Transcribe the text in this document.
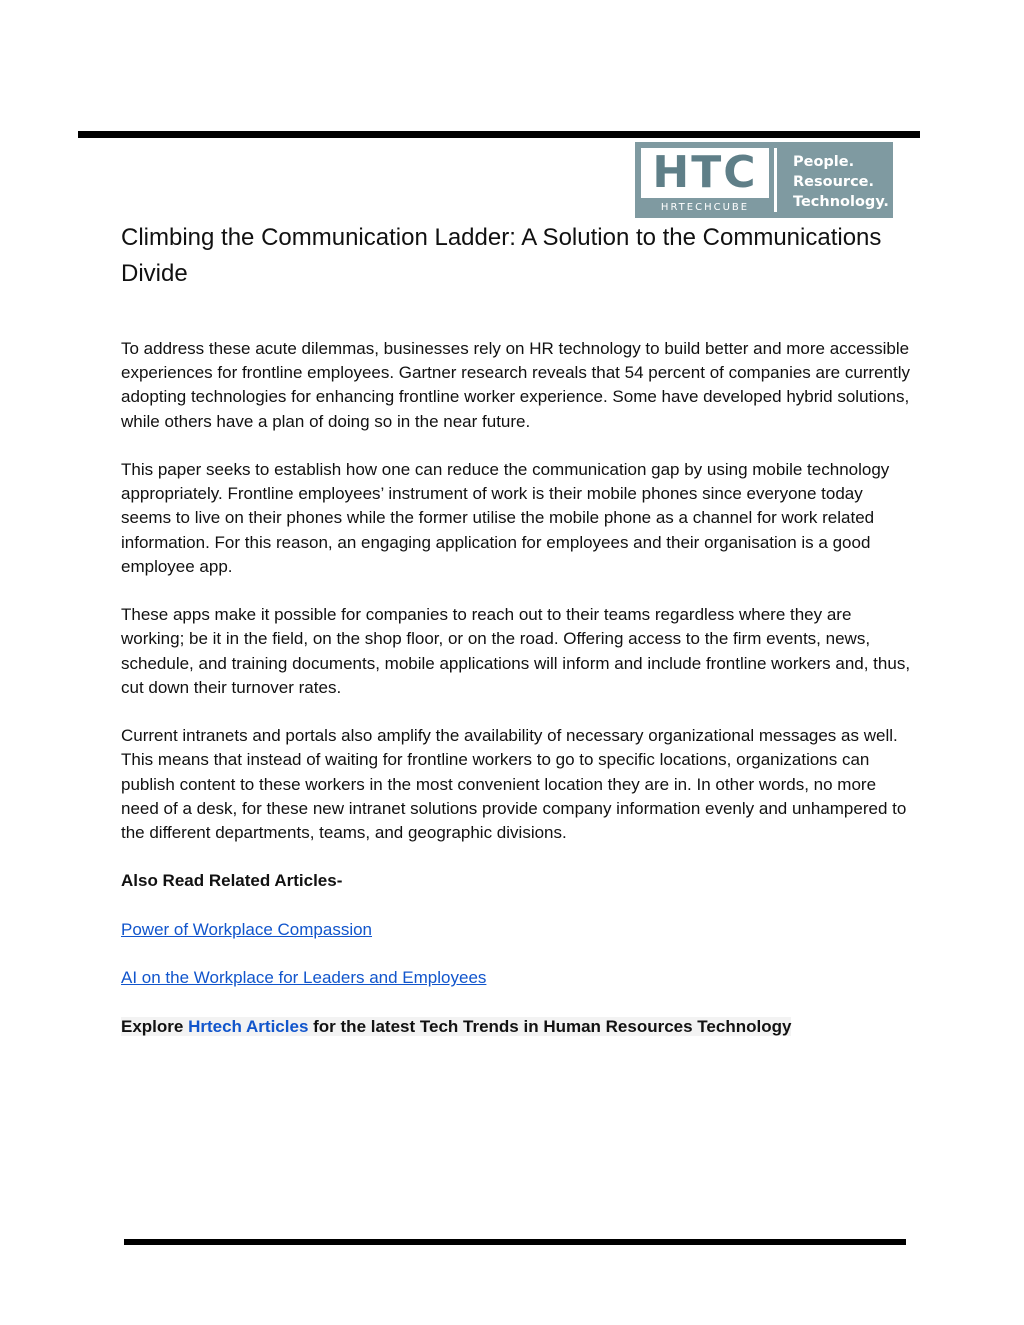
HTC
HRTECHCUBE
People.
Resource.
Technology.
Climbing the Communication Ladder: A Solution to the Communications Divide

To address these acute dilemmas, businesses rely on HR technology to build better and more accessible experiences for frontline employees. Gartner research reveals that 54 percent of companies are currently adopting technologies for enhancing frontline worker experience. Some have developed hybrid solutions, while others have a plan of doing so in the near future.

This paper seeks to establish how one can reduce the communication gap by using mobile technology appropriately. Frontline employees’ instrument of work is their mobile phones since everyone today seems to live on their phones while the former utilise the mobile phone as a channel for work related information. For this reason, an engaging application for employees and their organisation is a good employee app.

These apps make it possible for companies to reach out to their teams regardless where they are working; be it in the field, on the shop floor, or on the road. Offering access to the firm events, news, schedule, and training documents, mobile applications will inform and include frontline workers and, thus, cut down their turnover rates.

Current intranets and portals also amplify the availability of necessary organizational messages as well. This means that instead of waiting for frontline workers to go to specific locations, organizations can publish content to these workers in the most convenient location they are in. In other words, no more need of a desk, for these new intranet solutions provide company information evenly and unhampered to the different departments, teams, and geographic divisions.

Also Read Related Articles-

Power of Workplace Compassion

AI on the Workplace for Leaders and Employees

Explore Hrtech Articles for the latest Tech Trends in Human Resources Technology
